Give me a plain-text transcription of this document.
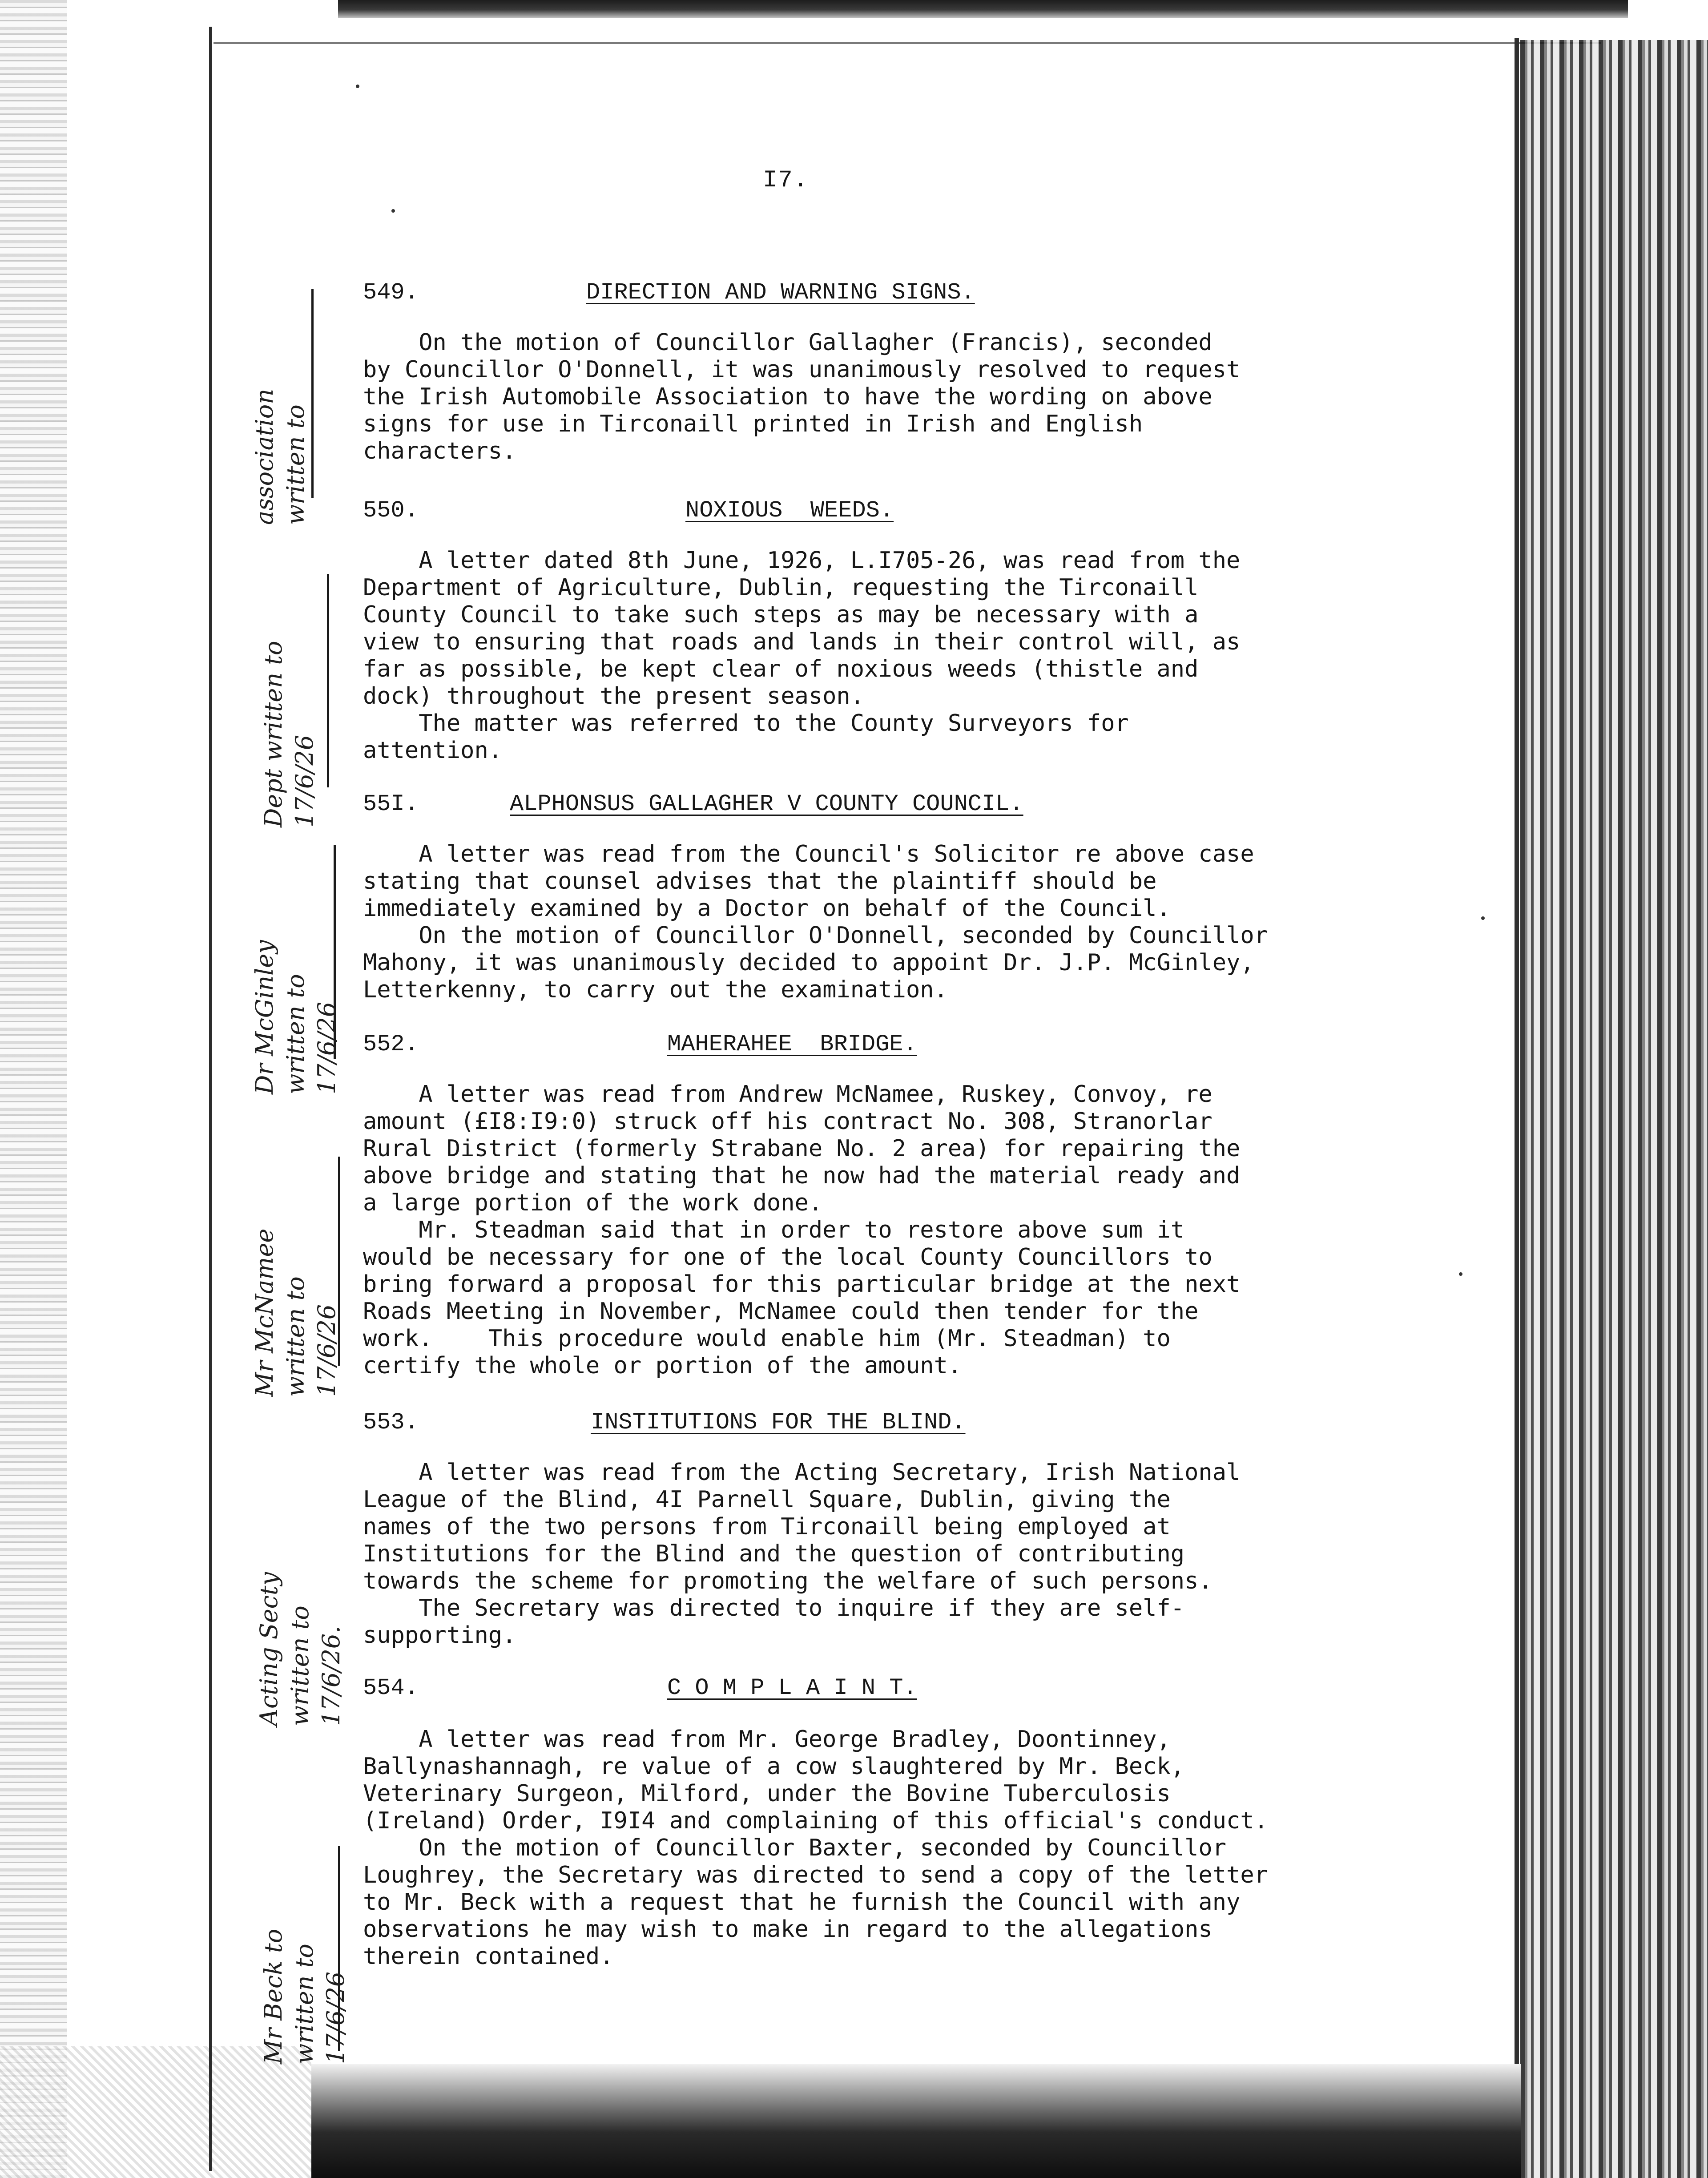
I7.

549.

	DIRECTION AND WARNING SIGNS.

On the motion of Councillor Gallagher (Francis), seconded
by Councillor O'Donnell, it was unanimously resolved to request
the Irish Automobile Association to have the wording on above
signs for use in Tirconaill printed in Irish and English
characters.
association
written to

550.

	NOXIOUS  WEEDS.

A letter dated 8th June, 1926, L.I705-26, was read from the
Department of Agriculture, Dublin, requesting the Tirconaill
County Council to take such steps as may be necessary with a
view to ensuring that roads and lands in their control will, as
far as possible, be kept clear of noxious weeds (thistle and
dock) throughout the present season.
The matter was referred to the County Surveyors for
attention.
Dept written to
17/6/26

55I.

	ALPHONSUS GALLAGHER V COUNTY COUNCIL.

A letter was read from the Council's Solicitor re above case
stating that counsel advises that the plaintiff should be
immediately examined by a Doctor on behalf of the Council.
On the motion of Councillor O'Donnell, seconded by Councillor
Mahony, it was unanimously decided to appoint Dr. J.P. McGinley,
Letterkenny, to carry out the examination.
Dr McGinley
written to
17/6/26

552.

	MAHERAHEE  BRIDGE.

A letter was read from Andrew McNamee, Ruskey, Convoy, re
amount (£I8:I9:0) struck off his contract No. 308, Stranorlar
Rural District (formerly Strabane No. 2 area) for repairing the
above bridge and stating that he now had the material ready and
a large portion of the work done.
Mr. Steadman said that in order to restore above sum it
would be necessary for one of the local County Councillors to
bring forward a proposal for this particular bridge at the next
Roads Meeting in November, McNamee could then tender for the
work.    This procedure would enable him (Mr. Steadman) to
certify the whole or portion of the amount.
Mr McNamee
written to
17/6/26

553.

	INSTITUTIONS FOR THE BLIND.

A letter was read from the Acting Secretary, Irish National
League of the Blind, 4I Parnell Square, Dublin, giving the
names of the two persons from Tirconaill being employed at
Institutions for the Blind and the question of contributing
towards the scheme for promoting the welfare of such persons.
The Secretary was directed to inquire if they are self-
supporting.
Acting Secty
written to
17/6/26.

554.

	C O M P L A I N T.

A letter was read from Mr. George Bradley, Doontinney,
Ballynashannagh, re value of a cow slaughtered by Mr. Beck,
Veterinary Surgeon, Milford, under the Bovine Tuberculosis
(Ireland) Order, I9I4 and complaining of this official's conduct.
On the motion of Councillor Baxter, seconded by Councillor
Loughrey, the Secretary was directed to send a copy of the letter
to Mr. Beck with a request that he furnish the Council with any
observations he may wish to make in regard to the allegations
therein contained.
Mr Beck to
written to
17/6/26
